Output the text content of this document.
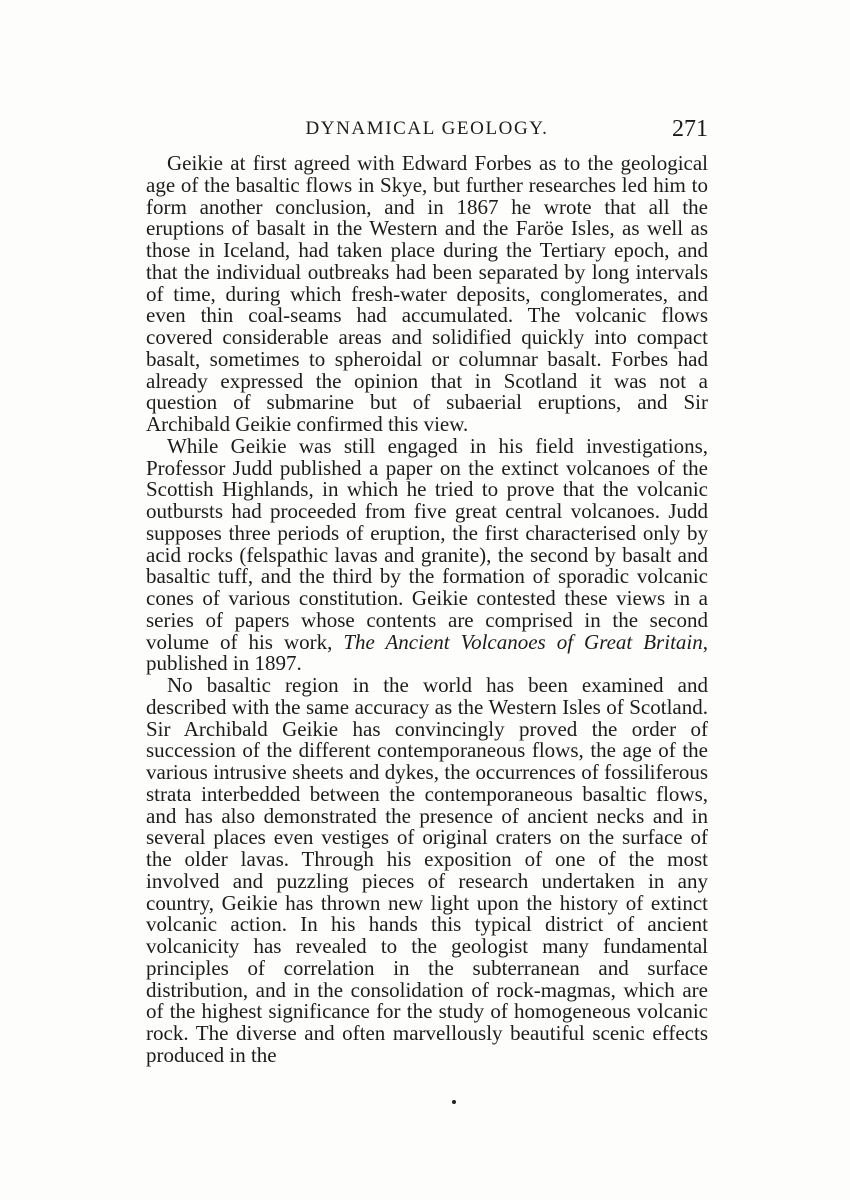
DYNAMICAL GEOLOGY.	271

Geikie at first agreed with Edward Forbes as to the geological age of the basaltic flows in Skye, but further researches led him to form another conclusion, and in 1867 he wrote that all the eruptions of basalt in the Western and the Faröe Isles, as well as those in Iceland, had taken place during the Tertiary epoch, and that the individual outbreaks had been separated by long intervals of time, during which fresh-water deposits, conglomerates, and even thin coal-seams had accumulated. The volcanic flows covered considerable areas and solidified quickly into compact basalt, sometimes to spheroidal or columnar basalt. Forbes had already expressed the opinion that in Scotland it was not a question of submarine but of subaerial eruptions, and Sir Archibald Geikie confirmed this view.

While Geikie was still engaged in his field investigations, Professor Judd published a paper on the extinct volcanoes of the Scottish Highlands, in which he tried to prove that the volcanic outbursts had proceeded from five great central volcanoes. Judd supposes three periods of eruption, the first characterised only by acid rocks (felspathic lavas and granite), the second by basalt and basaltic tuff, and the third by the formation of sporadic volcanic cones of various constitution. Geikie contested these views in a series of papers whose contents are comprised in the second volume of his work, The Ancient Volcanoes of Great Britain, published in 1897.

No basaltic region in the world has been examined and described with the same accuracy as the Western Isles of Scotland. Sir Archibald Geikie has convincingly proved the order of succession of the different contemporaneous flows, the age of the various intrusive sheets and dykes, the occurrences of fossiliferous strata interbedded between the contemporaneous basaltic flows, and has also demonstrated the presence of ancient necks and in several places even vestiges of original craters on the surface of the older lavas. Through his exposition of one of the most involved and puzzling pieces of research undertaken in any country, Geikie has thrown new light upon the history of extinct volcanic action. In his hands this typical district of ancient volcanicity has revealed to the geologist many fundamental principles of correlation in the subterranean and surface distribution, and in the consolidation of rock-magmas, which are of the highest significance for the study of homogeneous volcanic rock. The diverse and often marvellously beautiful scenic effects produced in the
